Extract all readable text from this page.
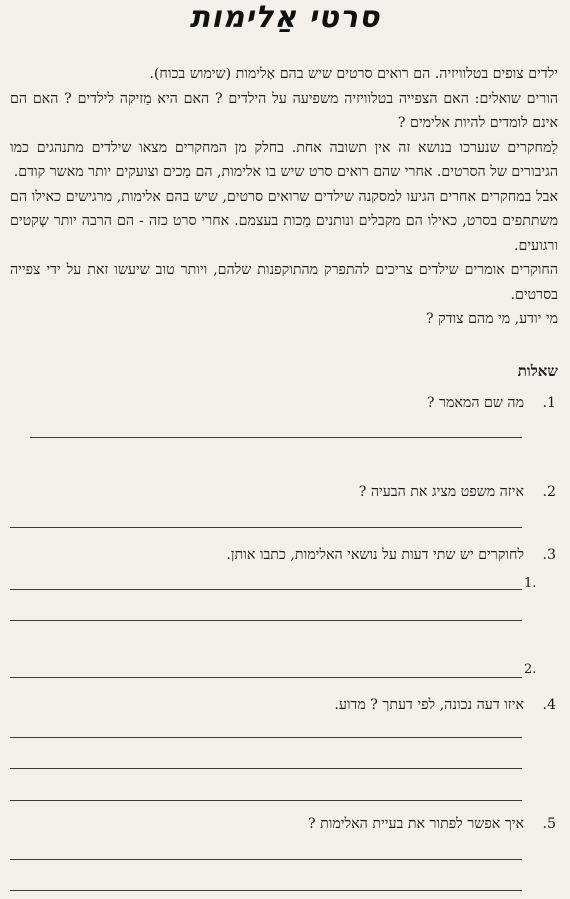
סרטי אַלימות

ילדים צופים בטלוויזיה. הם רואים סרטים שיש בהם אַלימות (שימוש בכוח).

הורים שואלים: האם הצפייה בטלוויזיה משפיעה על הילדים ? האם היא מַזיקה לילדים ? האם הם אינם לומדים להיות אלימים ?

לַמחקרים שנערכו בנושא זה אין תשובה אחת. בחלק מן המחקרים מצאו שילדים מתנהגים כמו הגיבורים של הסרטים. אחרי שהם רואים סרט שיש בו אלימות, הם מַכים וצועקים יותר מאשר קודם.

אבל במחקרים אחרים הגיעו למסקנה שילדים שרואים סרטים, שיש בהם אלימות, מרגישים כאילו הם משתתפים בסרט, כאילו הם מקבלים ונותנים מַכות בעצמם. אחרי סרט כזה - הם הרבה יותר שְקטים ורגועים.

החוקרים אומרים שילדים צריכים להתפרק מהתוקפנות שלהם, ויותר טוב שיעשו זאת על ידי צפייה בסרטים.

מי יודע, מי מהם צודק ?

שאלות
1.מה שם המאמר ?
2.איזה משפט מציג את הבעיה ?
3.לחוקרים יש שתי דעות על נושאי האלימות, כתבו אותן.
1.
2.
4.איזו דעה נכונה, לפי דעתך ? מדוע.
5.איך אפשר לפתור את בעיית האלימות ?
